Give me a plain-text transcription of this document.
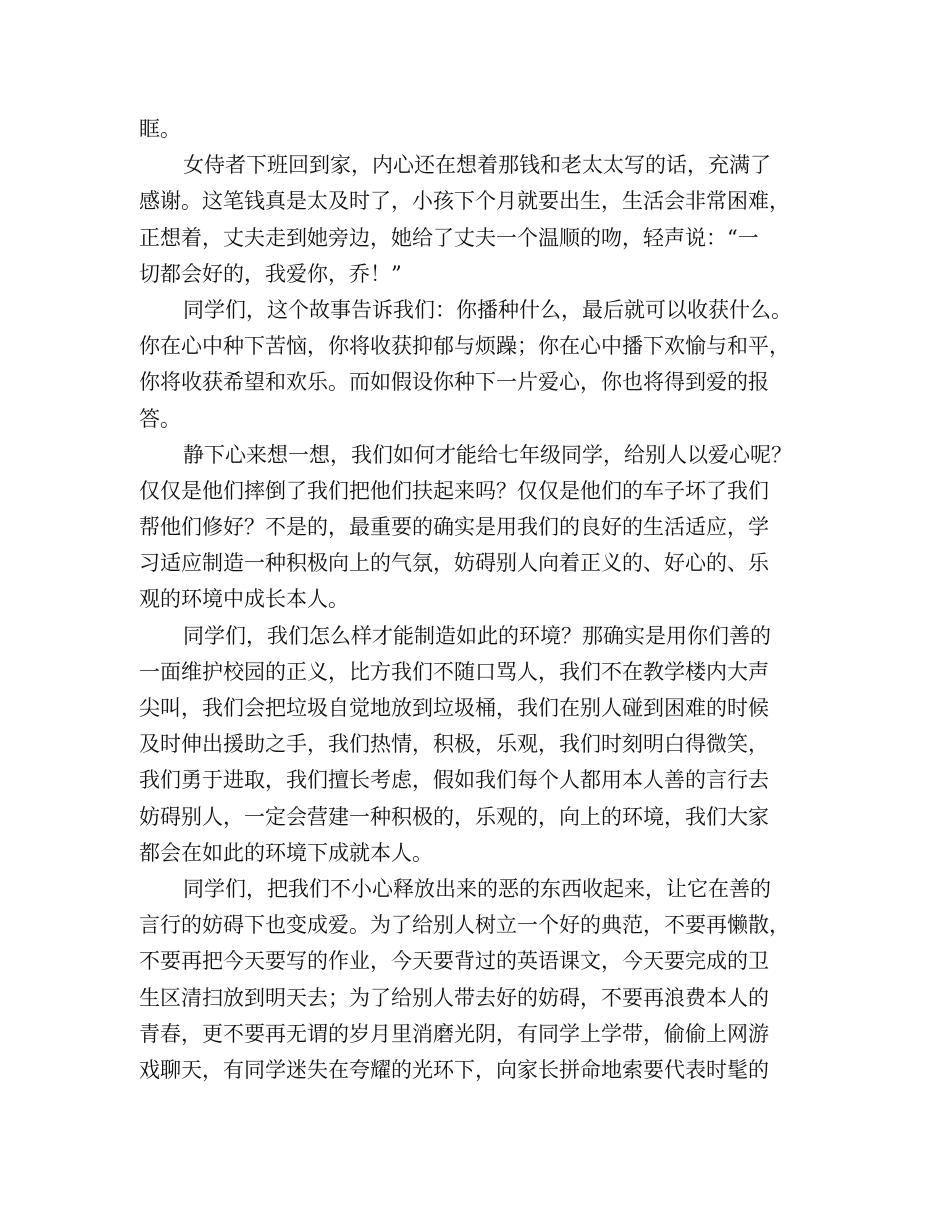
眶。
女侍者下班回到家，内心还在想着那钱和老太太写的话，充满了
感谢。这笔钱真是太及时了，小孩下个月就要出生，生活会非常困难，
正想着，丈夫走到她旁边，她给了丈夫一个温顺的吻，轻声说：“一
切都会好的，我爱你，乔！”
同学们，这个故事告诉我们：你播种什么，最后就可以收获什么。
你在心中种下苦恼，你将收获抑郁与烦躁；你在心中播下欢愉与和平，
你将收获希望和欢乐。而如假设你种下一片爱心，你也将得到爱的报
答。
静下心来想一想，我们如何才能给七年级同学，给别人以爱心呢？
仅仅是他们摔倒了我们把他们扶起来吗？仅仅是他们的车子坏了我们
帮他们修好？不是的，最重要的确实是用我们的良好的生活适应，学
习适应制造一种积极向上的气氛，妨碍别人向着正义的、好心的、乐
观的环境中成长本人。
同学们，我们怎么样才能制造如此的环境？那确实是用你们善的
一面维护校园的正义，比方我们不随口骂人，我们不在教学楼内大声
尖叫，我们会把垃圾自觉地放到垃圾桶，我们在别人碰到困难的时候
及时伸出援助之手，我们热情，积极，乐观，我们时刻明白得微笑，
我们勇于进取，我们擅长考虑，假如我们每个人都用本人善的言行去
妨碍别人，一定会营建一种积极的，乐观的，向上的环境，我们大家
都会在如此的环境下成就本人。
同学们，把我们不小心释放出来的恶的东西收起来，让它在善的
言行的妨碍下也变成爱。为了给别人树立一个好的典范，不要再懒散，
不要再把今天要写的作业，今天要背过的英语课文，今天要完成的卫
生区清扫放到明天去；为了给别人带去好的妨碍，不要再浪费本人的
青春，更不要再无谓的岁月里消磨光阴，有同学上学带，偷偷上网游
戏聊天，有同学迷失在夸耀的光环下，向家长拼命地索要代表时髦的
